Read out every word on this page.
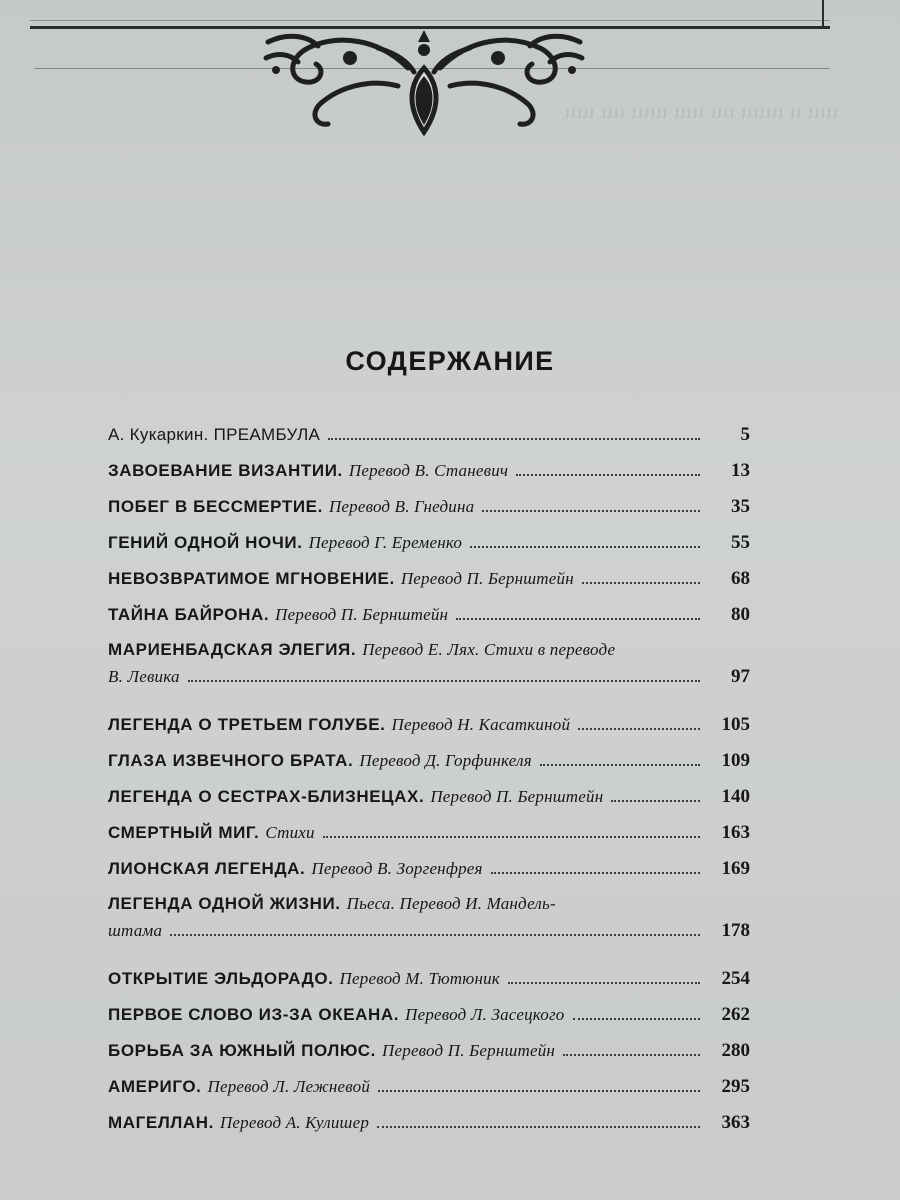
ιιιιι ιι ιιιιιιι ιιιι ιιιιι ιιιιιι ιιιι ιιιιι

СОДЕРЖАНИЕ
А. Кукаркин. ПРЕАМБУЛА	5
ЗАВОЕВАНИЕ ВИЗАНТИИ. Перевод В. Станевич	13
ПОБЕГ В БЕССМЕРТИЕ. Перевод В. Гнедина	35
ГЕНИЙ ОДНОЙ НОЧИ. Перевод Г. Еременко	55
НЕВОЗВРАТИМОЕ МГНОВЕНИЕ. Перевод П. Бернштейн	68
ТАЙНА БАЙРОНА. Перевод П. Бернштейн	80
МАРИЕНБАДСКАЯ ЭЛЕГИЯ. Перевод Е. Лях. Стихи в переводе
В. Левика	97
ЛЕГЕНДА О ТРЕТЬЕМ ГОЛУБЕ. Перевод Н. Касаткиной	105
ГЛАЗА ИЗВЕЧНОГО БРАТА. Перевод Д. Горфинкеля	109
ЛЕГЕНДА О СЕСТРАХ-БЛИЗНЕЦАХ. Перевод П. Бернштейн	140
СМЕРТНЫЙ МИГ. Стихи	163
ЛИОНСКАЯ ЛЕГЕНДА. Перевод В. Зоргенфрея	169
ЛЕГЕНДА ОДНОЙ ЖИЗНИ. Пьеса. Перевод И. Мандель-
штама	178
ОТКРЫТИЕ ЭЛЬДОРАДО. Перевод М. Тютюник	254
ПЕРВОЕ СЛОВО ИЗ-ЗА ОКЕАНА. Перевод Л. Засецкого	262
БОРЬБА ЗА ЮЖНЫЙ ПОЛЮС. Перевод П. Бернштейн	280
АМЕРИГО. Перевод Л. Лежневой	295
МАГЕЛЛАН. Перевод А. Кулишер	363
